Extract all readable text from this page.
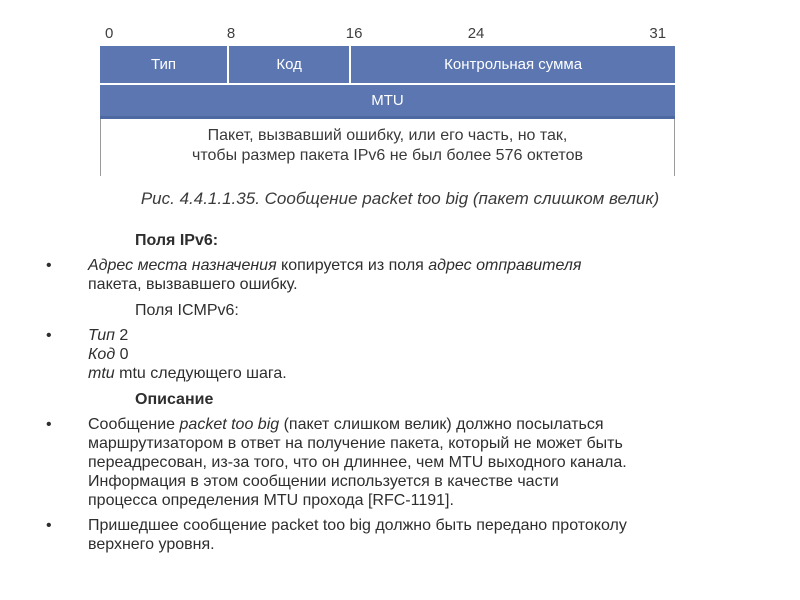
0	8	16	24	31
Тип	Код	Контрольная сумма
MTU
Пакет, вызвавший ошибку, или его часть, но так,
чтобы размер пакета IPv6 не был более 576 октетов
Рис. 4.4.1.1.35. Сообщение packet too big (пакет слишком велик)
Поля IPv6:
•	Адрес места назначения копируется из поля адрес отправителя
пакета, вызвавшего ошибку.
Поля ICMPv6:
•	Тип 2
Код 0
mtu mtu следующего шага.
Описание
•	Сообщение packet too big (пакет слишком велик) должно посылаться
маршрутизатором в ответ на получение пакета, который не может быть
переадресован, из-за того, что он длиннее, чем MTU выходного канала.
Информация в этом сообщении используется в качестве части
процесса определения MTU прохода [RFC-1191].
•	Пришедшее сообщение packet too big должно быть передано протоколу
верхнего уровня.
